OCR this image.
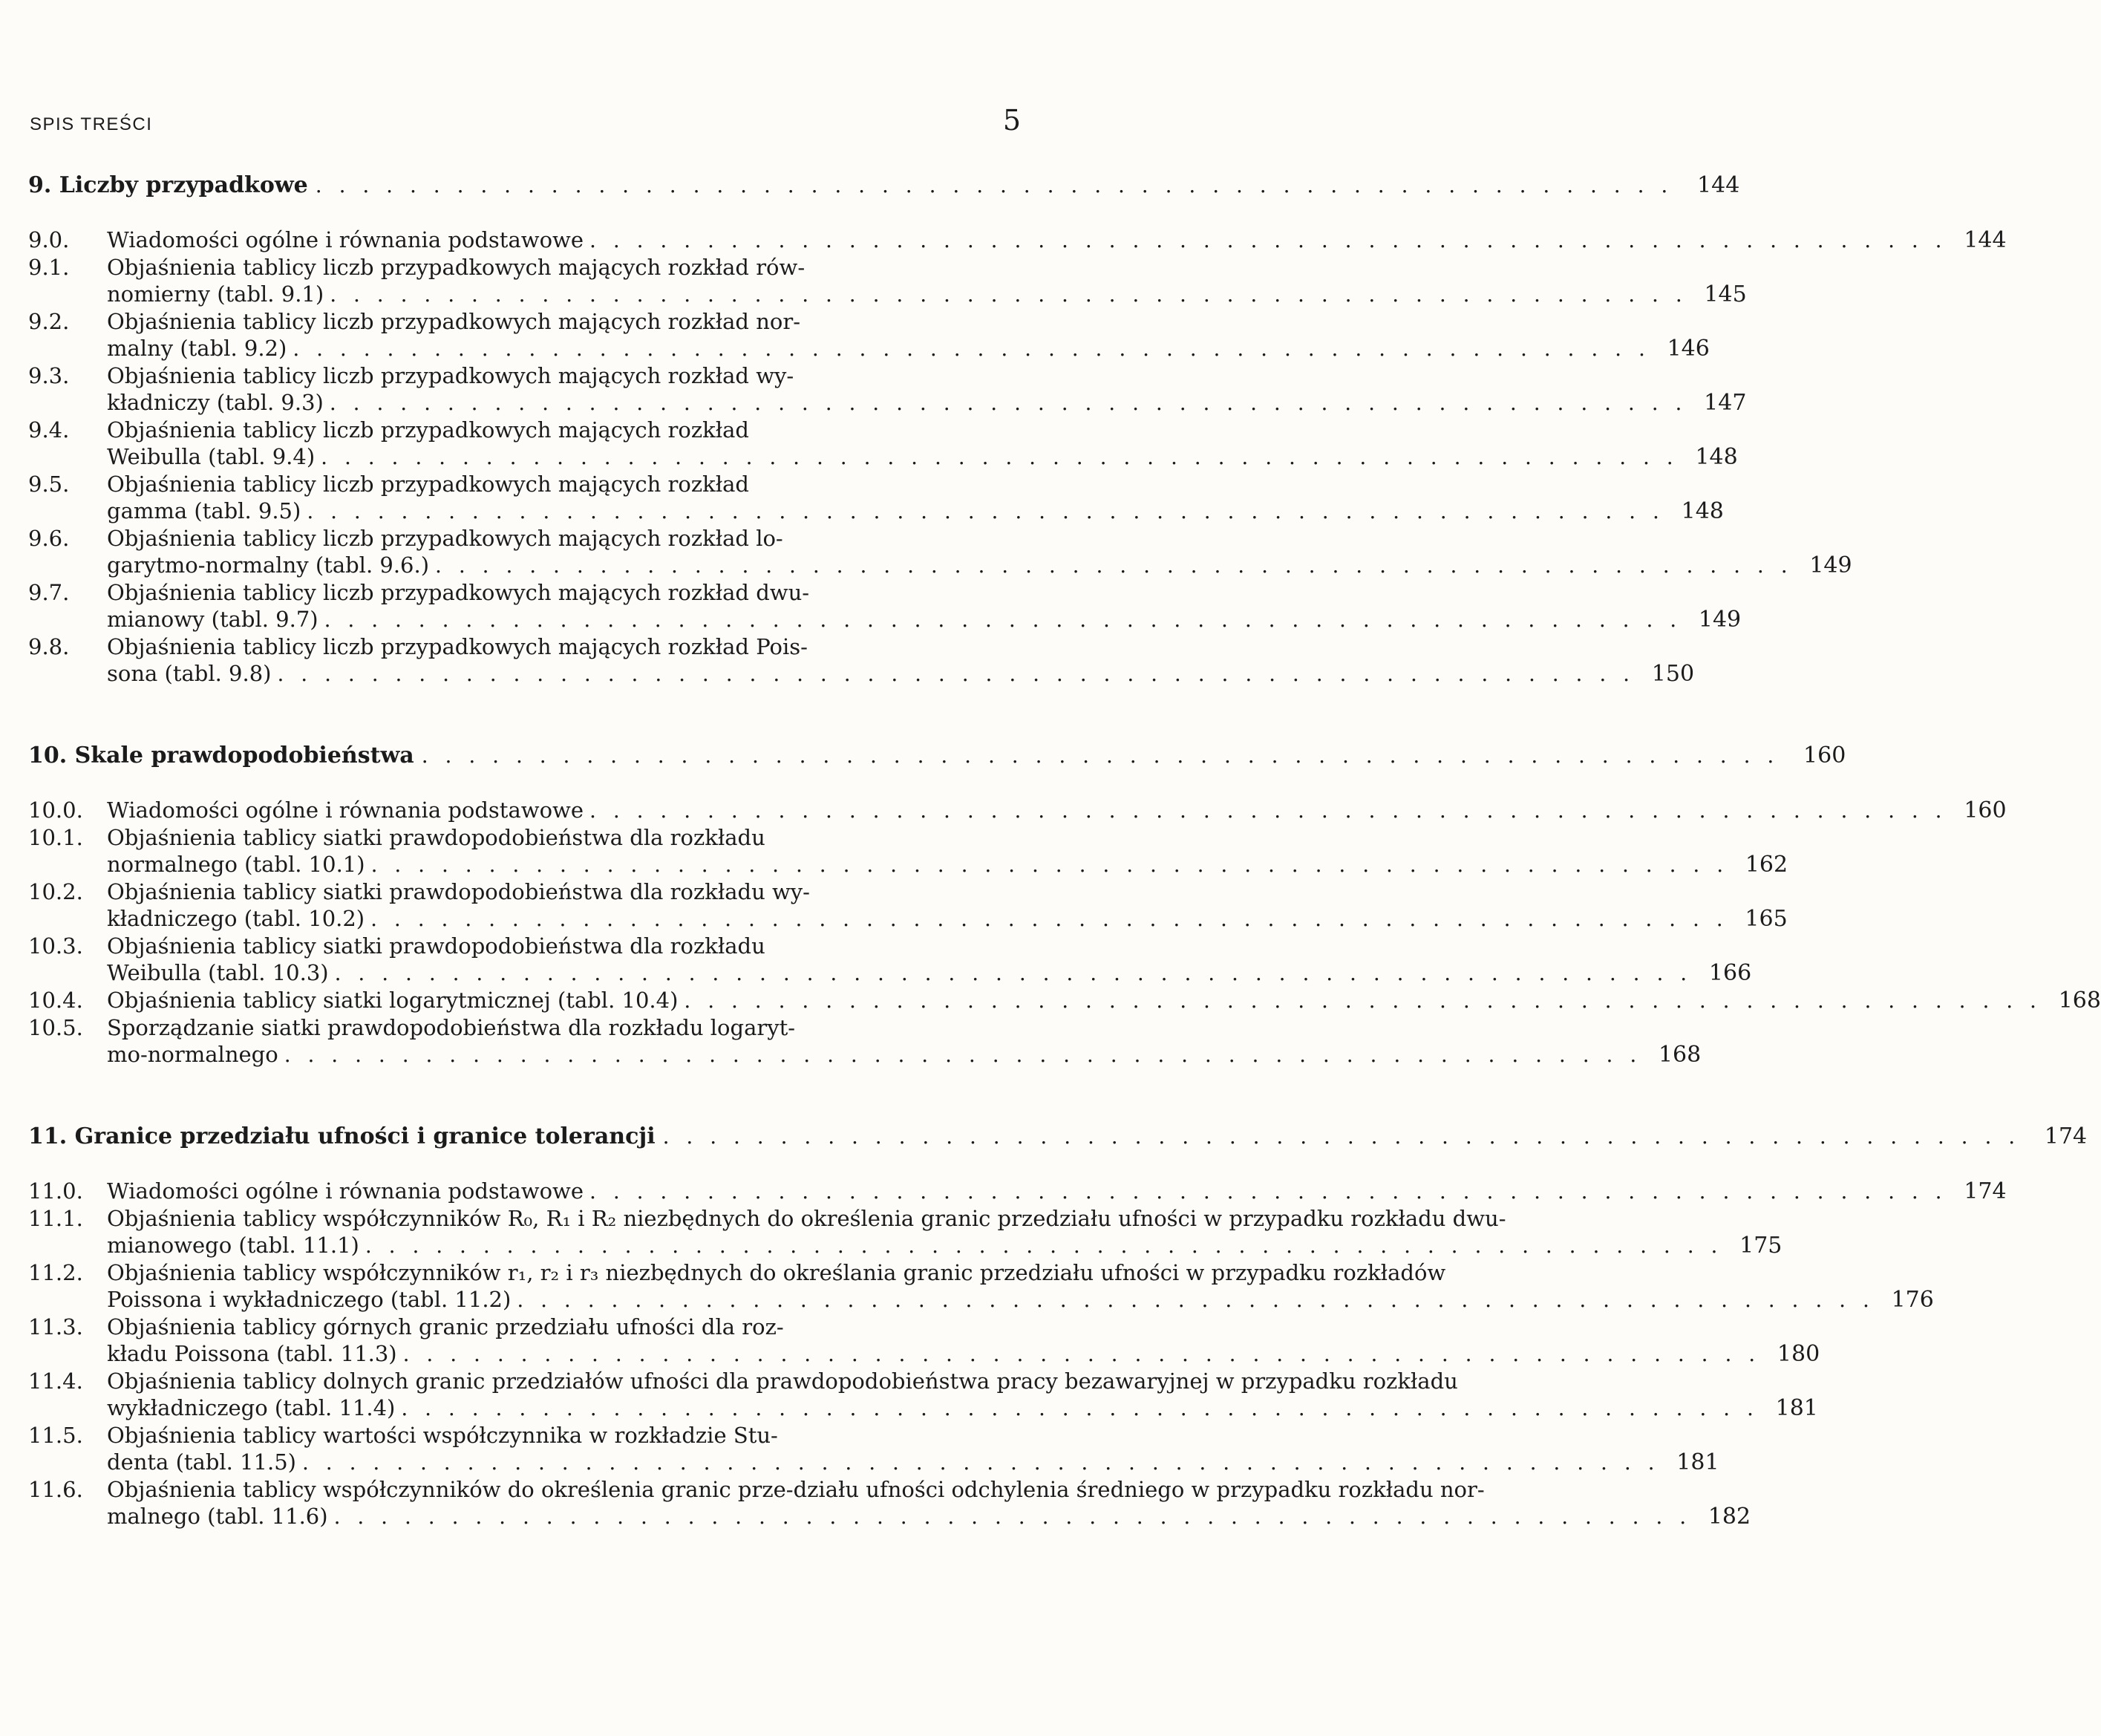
SPIS TREŚCI	5
9. Liczby przypadkowe . . . . . . . . . . . . . . . . . . . . . . . . . . . . . . . . . . . . . . . . . . . . . . . . . . . . . . . . . .	144
9.0.	Wiadomości ogólne i równania podstawowe . . . . . . . . . . . . . . . . . . . . . . . . . . . . . . . . . . . . . . . . . . . . . . . . . . . . . . . . . . 144
9.1.	Objaśnienia tablicy liczb przypadkowych mających rozkład rów-
nomierny (tabl. 9.1) . . . . . . . . . . . . . . . . . . . . . . . . . . . . . . . . . . . . . . . . . . . . . . . . . . . . . . . . . . 145
9.2.	Objaśnienia tablicy liczb przypadkowych mających rozkład nor-
malny (tabl. 9.2) . . . . . . . . . . . . . . . . . . . . . . . . . . . . . . . . . . . . . . . . . . . . . . . . . . . . . . . . . . 146
9.3.	Objaśnienia tablicy liczb przypadkowych mających rozkład wy-
kładniczy (tabl. 9.3) . . . . . . . . . . . . . . . . . . . . . . . . . . . . . . . . . . . . . . . . . . . . . . . . . . . . . . . . . . 147
9.4.	Objaśnienia tablicy liczb przypadkowych mających rozkład
Weibulla (tabl. 9.4) . . . . . . . . . . . . . . . . . . . . . . . . . . . . . . . . . . . . . . . . . . . . . . . . . . . . . . . . . . 148
9.5.	Objaśnienia tablicy liczb przypadkowych mających rozkład
gamma (tabl. 9.5) . . . . . . . . . . . . . . . . . . . . . . . . . . . . . . . . . . . . . . . . . . . . . . . . . . . . . . . . . . 148
9.6.	Objaśnienia tablicy liczb przypadkowych mających rozkład lo-
garytmo-normalny (tabl. 9.6.) . . . . . . . . . . . . . . . . . . . . . . . . . . . . . . . . . . . . . . . . . . . . . . . . . . . . . . . . . . 149
9.7.	Objaśnienia tablicy liczb przypadkowych mających rozkład dwu-
mianowy (tabl. 9.7) . . . . . . . . . . . . . . . . . . . . . . . . . . . . . . . . . . . . . . . . . . . . . . . . . . . . . . . . . . 149
9.8.	Objaśnienia tablicy liczb przypadkowych mających rozkład Pois-
sona (tabl. 9.8) . . . . . . . . . . . . . . . . . . . . . . . . . . . . . . . . . . . . . . . . . . . . . . . . . . . . . . . . . . 150
10. Skale prawdopodobieństwa . . . . . . . . . . . . . . . . . . . . . . . . . . . . . . . . . . . . . . . . . . . . . . . . . . . . . . . . . .	160
10.0.	Wiadomości ogólne i równania podstawowe . . . . . . . . . . . . . . . . . . . . . . . . . . . . . . . . . . . . . . . . . . . . . . . . . . . . . . . . . . 160
10.1.	Objaśnienia tablicy siatki prawdopodobieństwa dla rozkładu
normalnego (tabl. 10.1) . . . . . . . . . . . . . . . . . . . . . . . . . . . . . . . . . . . . . . . . . . . . . . . . . . . . . . . . . . 162
10.2.	Objaśnienia tablicy siatki prawdopodobieństwa dla rozkładu wy-
kładniczego (tabl. 10.2) . . . . . . . . . . . . . . . . . . . . . . . . . . . . . . . . . . . . . . . . . . . . . . . . . . . . . . . . . . 165
10.3.	Objaśnienia tablicy siatki prawdopodobieństwa dla rozkładu
Weibulla (tabl. 10.3) . . . . . . . . . . . . . . . . . . . . . . . . . . . . . . . . . . . . . . . . . . . . . . . . . . . . . . . . . . 166
10.4.	Objaśnienia tablicy siatki logarytmicznej (tabl. 10.4) . . . . . . . . . . . . . . . . . . . . . . . . . . . . . . . . . . . . . . . . . . . . . . . . . . . . . . . . . . 168
10.5.	Sporządzanie siatki prawdopodobieństwa dla rozkładu logaryt-
mo-normalnego . . . . . . . . . . . . . . . . . . . . . . . . . . . . . . . . . . . . . . . . . . . . . . . . . . . . . . . . . . 168
11. Granice przedziału ufności i granice tolerancji . . . . . . . . . . . . . . . . . . . . . . . . . . . . . . . . . . . . . . . . . . . . . . . . . . . . . . . . . .	174
11.0.	Wiadomości ogólne i równania podstawowe . . . . . . . . . . . . . . . . . . . . . . . . . . . . . . . . . . . . . . . . . . . . . . . . . . . . . . . . . . 174
11.1.	Objaśnienia tablicy współczynników R₀, R₁ i R₂ niezbędnych do określenia granic przedziału ufności w przypadku rozkładu dwu-
mianowego (tabl. 11.1) . . . . . . . . . . . . . . . . . . . . . . . . . . . . . . . . . . . . . . . . . . . . . . . . . . . . . . . . . . 175
11.2.	Objaśnienia tablicy współczynników r₁, r₂ i r₃ niezbędnych do określania granic przedziału ufności w przypadku rozkładów
Poissona i wykładniczego (tabl. 11.2) . . . . . . . . . . . . . . . . . . . . . . . . . . . . . . . . . . . . . . . . . . . . . . . . . . . . . . . . . . 176
11.3.	Objaśnienia tablicy górnych granic przedziału ufności dla roz-
kładu Poissona (tabl. 11.3) . . . . . . . . . . . . . . . . . . . . . . . . . . . . . . . . . . . . . . . . . . . . . . . . . . . . . . . . . . 180
11.4.	Objaśnienia tablicy dolnych granic przedziałów ufności dla prawdopodobieństwa pracy bezawaryjnej w przypadku rozkładu
wykładniczego (tabl. 11.4) . . . . . . . . . . . . . . . . . . . . . . . . . . . . . . . . . . . . . . . . . . . . . . . . . . . . . . . . . . 181
11.5.	Objaśnienia tablicy wartości współczynnika w rozkładzie Stu-
denta (tabl. 11.5) . . . . . . . . . . . . . . . . . . . . . . . . . . . . . . . . . . . . . . . . . . . . . . . . . . . . . . . . . . 181
11.6.	Objaśnienia tablicy współczynników do określenia granic prze-działu ufności odchylenia średniego w przypadku rozkładu nor-
malnego (tabl. 11.6) . . . . . . . . . . . . . . . . . . . . . . . . . . . . . . . . . . . . . . . . . . . . . . . . . . . . . . . . . . 182
